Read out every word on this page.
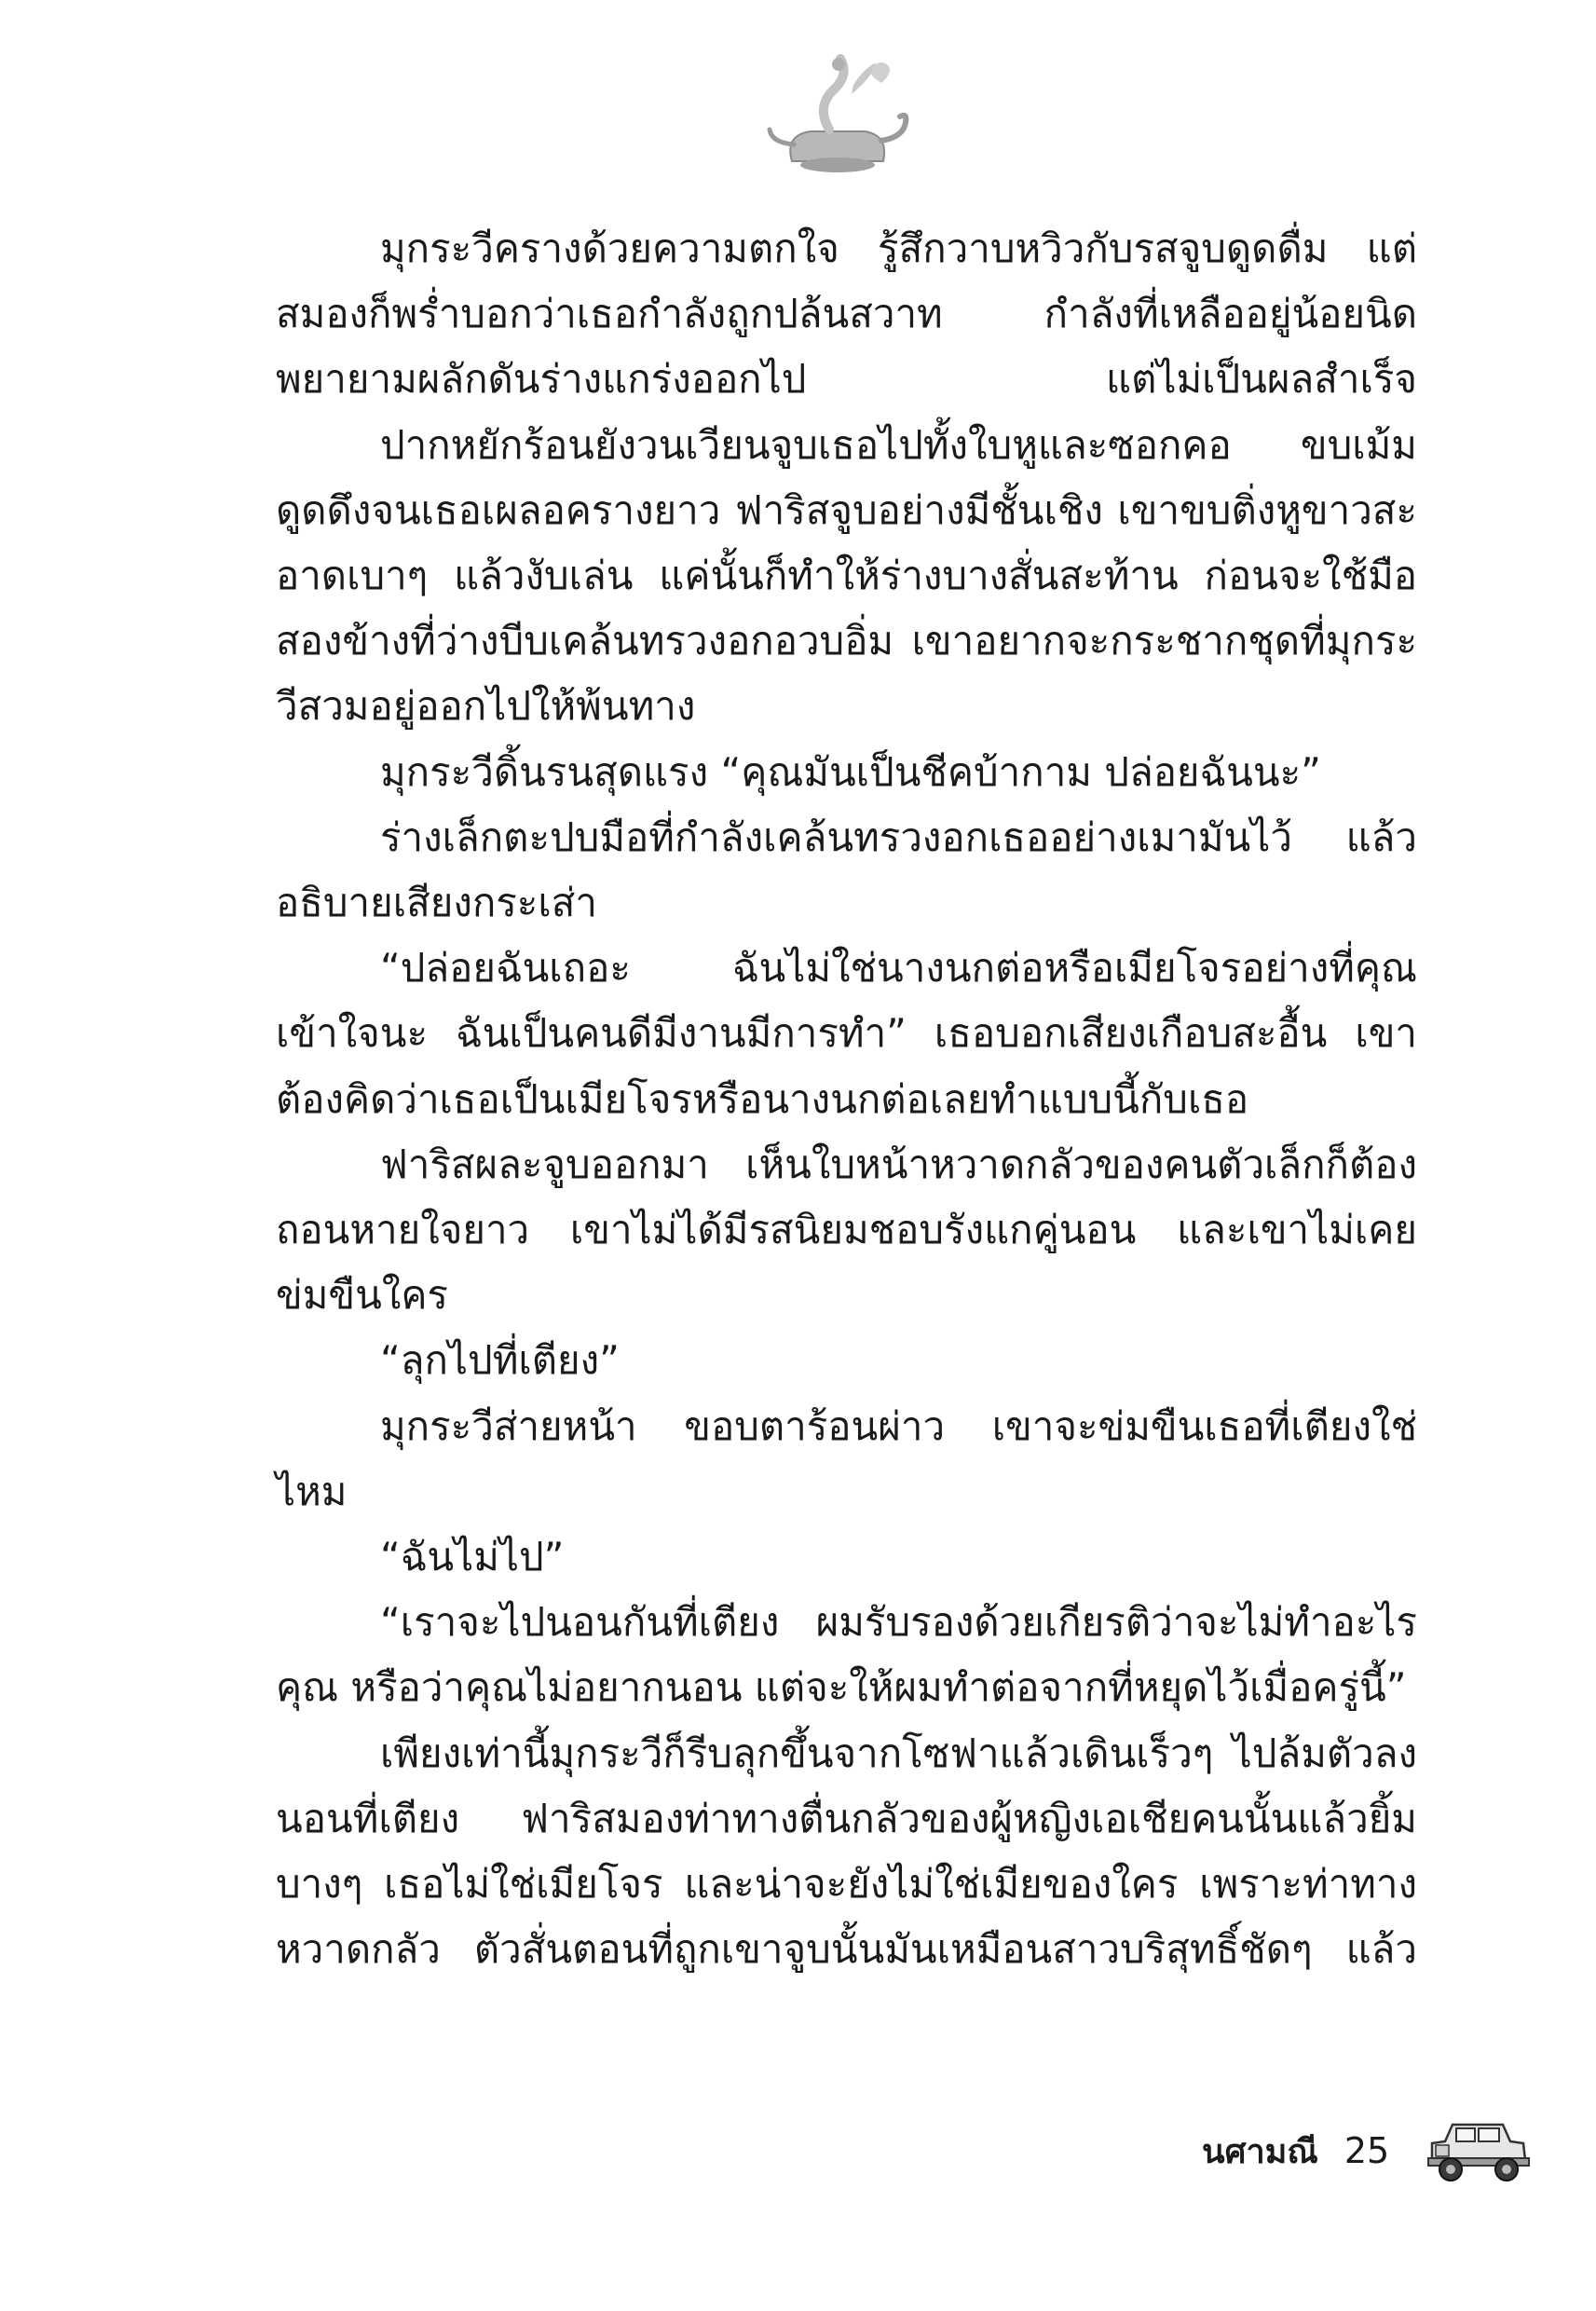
มุกระวีครางด้วยความตกใจ รู้สึกวาบหวิวกับรสจูบดูดดื่ม แต่สมองก็พร่ำบอกว่าเธอกำลังถูกปล้นสวาท กำลังที่เหลืออยู่น้อยนิดพยายามผลักดันร่างแกร่งออกไป แต่ไม่เป็นผลสำเร็จ

ปากหยักร้อนยังวนเวียนจูบเธอไปทั้งใบหูและซอกคอ ขบเม้มดูดดึงจนเธอเผลอครางยาว ฟาริสจูบอย่างมีชั้นเชิง เขาขบติ่งหูขาวสะอาดเบาๆ แล้วงับเล่น แค่นั้นก็ทำให้ร่างบางสั่นสะท้าน ก่อนจะใช้มือสองข้างที่ว่างบีบเคล้นทรวงอกอวบอิ่ม เขาอยากจะกระชากชุดที่มุกระวีสวมอยู่ออกไปให้พ้นทาง

มุกระวีดิ้นรนสุดแรง “คุณมันเป็นชีคบ้ากาม ปล่อยฉันนะ”

ร่างเล็กตะปบมือที่กำลังเคล้นทรวงอกเธออย่างเมามันไว้ แล้วอธิบายเสียงกระเส่า

“ปล่อยฉันเถอะ ฉันไม่ใช่นางนกต่อหรือเมียโจรอย่างที่คุณเข้าใจนะ ฉันเป็นคนดีมีงานมีการทำ” เธอบอกเสียงเกือบสะอื้น เขาต้องคิดว่าเธอเป็นเมียโจรหรือนางนกต่อเลยทำแบบนี้กับเธอ

ฟาริสผละจูบออกมา เห็นใบหน้าหวาดกลัวของคนตัวเล็กก็ต้องถอนหายใจยาว เขาไม่ได้มีรสนิยมชอบรังแกคู่นอน และเขาไม่เคยข่มขืนใคร

“ลุกไปที่เตียง”

มุกระวีส่ายหน้า ขอบตาร้อนผ่าว เขาจะข่มขืนเธอที่เตียงใช่ไหม

“ฉันไม่ไป”

“เราจะไปนอนกันที่เตียง ผมรับรองด้วยเกียรติว่าจะไม่ทำอะไรคุณ หรือว่าคุณไม่อยากนอน แต่จะให้ผมทำต่อจากที่หยุดไว้เมื่อครู่นี้”

เพียงเท่านี้มุกระวีก็รีบลุกขึ้นจากโซฟาแล้วเดินเร็วๆ ไปล้มตัวลงนอนที่เตียง ฟาริสมองท่าทางตื่นกลัวของผู้หญิงเอเชียคนนั้นแล้วยิ้มบางๆ เธอไม่ใช่เมียโจร และน่าจะยังไม่ใช่เมียของใคร เพราะท่าทางหวาดกลัว ตัวสั่นตอนที่ถูกเขาจูบนั้นมันเหมือนสาวบริสุทธิ์ชัดๆ แล้ว

นศามณี 25
